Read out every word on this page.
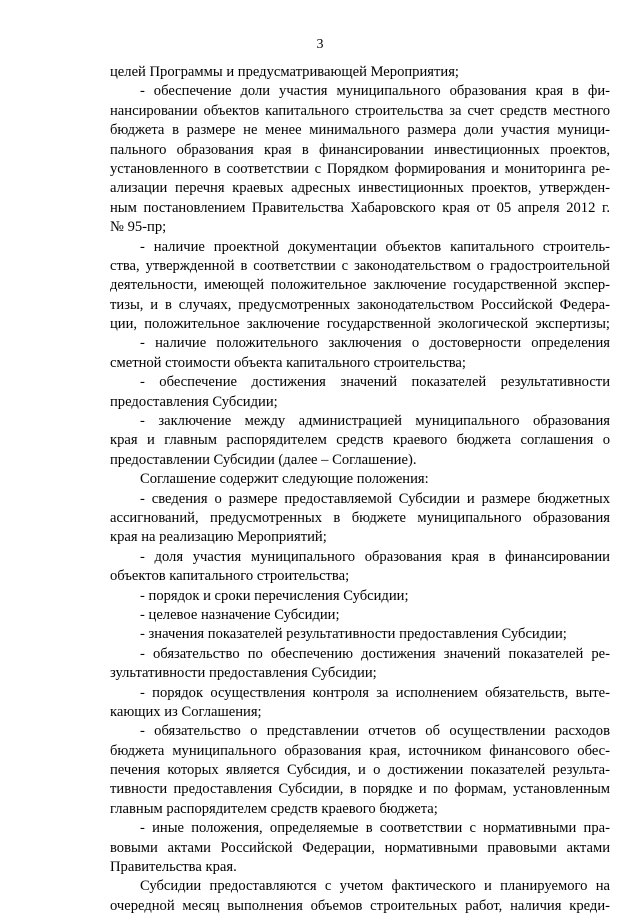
3
целей Программы и предусматривающей Мероприятия;
- обеспечение доли участия муниципального образования края в фи-
нансировании объектов капитального строительства за счет средств местного
бюджета в размере не менее минимального размера доли участия муници-
пального образования края в финансировании инвестиционных проектов,
установленного в соответствии с Порядком формирования и мониторинга ре-
ализации перечня краевых адресных инвестиционных проектов, утвержден-
ным постановлением Правительства Хабаровского края от 05 апреля 2012 г.
№ 95-пр;
- наличие проектной документации объектов капитального строитель-
ства, утвержденной в соответствии с законодательством о градостроительной
деятельности, имеющей положительное заключение государственной экспер-
тизы, и в случаях, предусмотренных законодательством Российской Федера-
ции, положительное заключение государственной экологической экспертизы;
- наличие положительного заключения о достоверности определения
сметной стоимости объекта капитального строительства;
- обеспечение достижения значений показателей результативности
предоставления Субсидии;
- заключение между администрацией муниципального образования
края и главным распорядителем средств краевого бюджета соглашения о
предоставлении Субсидии (далее – Соглашение).
Соглашение содержит следующие положения:
- сведения о размере предоставляемой Субсидии и размере бюджетных
ассигнований, предусмотренных в бюджете муниципального образования
края на реализацию Мероприятий;
- доля участия муниципального образования края в финансировании
объектов капитального строительства;
- порядок и сроки перечисления Субсидии;
- целевое назначение Субсидии;
- значения показателей результативности предоставления Субсидии;
- обязательство по обеспечению достижения значений показателей ре-
зультативности предоставления Субсидии;
- порядок осуществления контроля за исполнением обязательств, выте-
кающих из Соглашения;
- обязательство о представлении отчетов об осуществлении расходов
бюджета муниципального образования края, источником финансового обес-
печения которых является Субсидия, и о достижении показателей результа-
тивности предоставления Субсидии, в порядке и по формам, установленным
главным распорядителем средств краевого бюджета;
- иные положения, определяемые в соответствии с нормативными пра-
вовыми актами Российской Федерации, нормативными правовыми актами
Правительства края.
Субсидии предоставляются с учетом фактического и планируемого на
очередной месяц выполнения объемов строительных работ, наличия креди-
